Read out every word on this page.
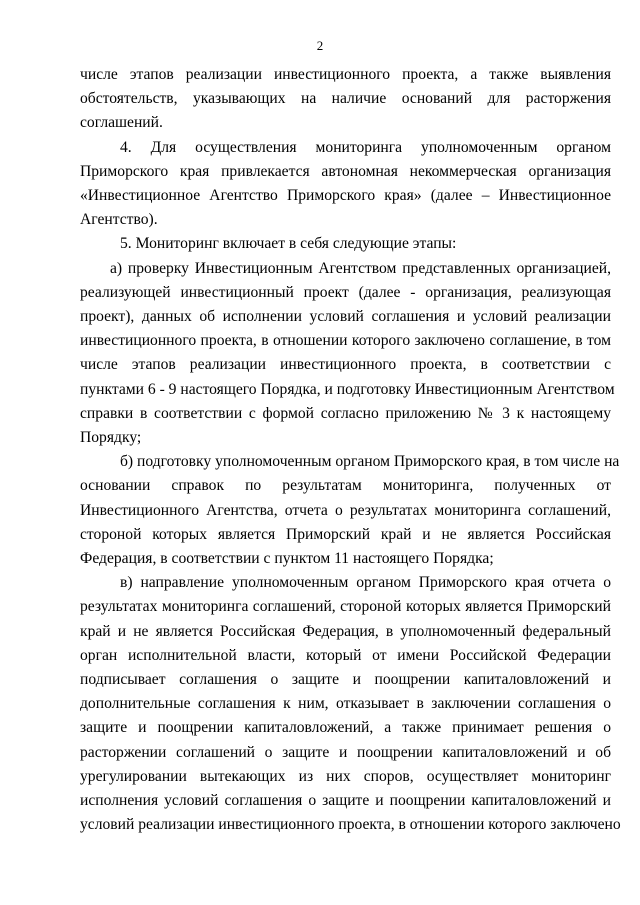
2
числе этапов реализации инвестиционного проекта, а также выявления
обстоятельств, указывающих на наличие оснований для расторжения
соглашений.
4. Для осуществления мониторинга уполномоченным органом
Приморского края привлекается автономная некоммерческая организация
«Инвестиционное Агентство Приморского края» (далее – Инвестиционное
Агентство).
5. Мониторинг включает в себя следующие этапы:
а) проверку Инвестиционным Агентством представленных организацией,
реализующей инвестиционный проект (далее - организация, реализующая
проект), данных об исполнении условий соглашения и условий реализации
инвестиционного проекта, в отношении которого заключено соглашение, в том
числе этапов реализации инвестиционного проекта, в соответствии с
пунктами 6 - 9 настоящего Порядка, и подготовку Инвестиционным Агентством
справки в соответствии с формой согласно приложению № 3 к настоящему
Порядку;
б) подготовку уполномоченным органом Приморского края, в том числе на
основании справок по результатам мониторинга, полученных от
Инвестиционного Агентства, отчета о результатах мониторинга соглашений,
стороной которых является Приморский край и не является Российская
Федерация, в соответствии с пунктом 11 настоящего Порядка;
в) направление уполномоченным органом Приморского края отчета о
результатах мониторинга соглашений, стороной которых является Приморский
край и не является Российская Федерация, в уполномоченный федеральный
орган исполнительной власти, который от имени Российской Федерации
подписывает соглашения о защите и поощрении капиталовложений и
дополнительные соглашения к ним, отказывает в заключении соглашения о
защите и поощрении капиталовложений, а также принимает решения о
расторжении соглашений о защите и поощрении капиталовложений и об
урегулировании вытекающих из них споров, осуществляет мониторинг
исполнения условий соглашения о защите и поощрении капиталовложений и
условий реализации инвестиционного проекта, в отношении которого заключено
